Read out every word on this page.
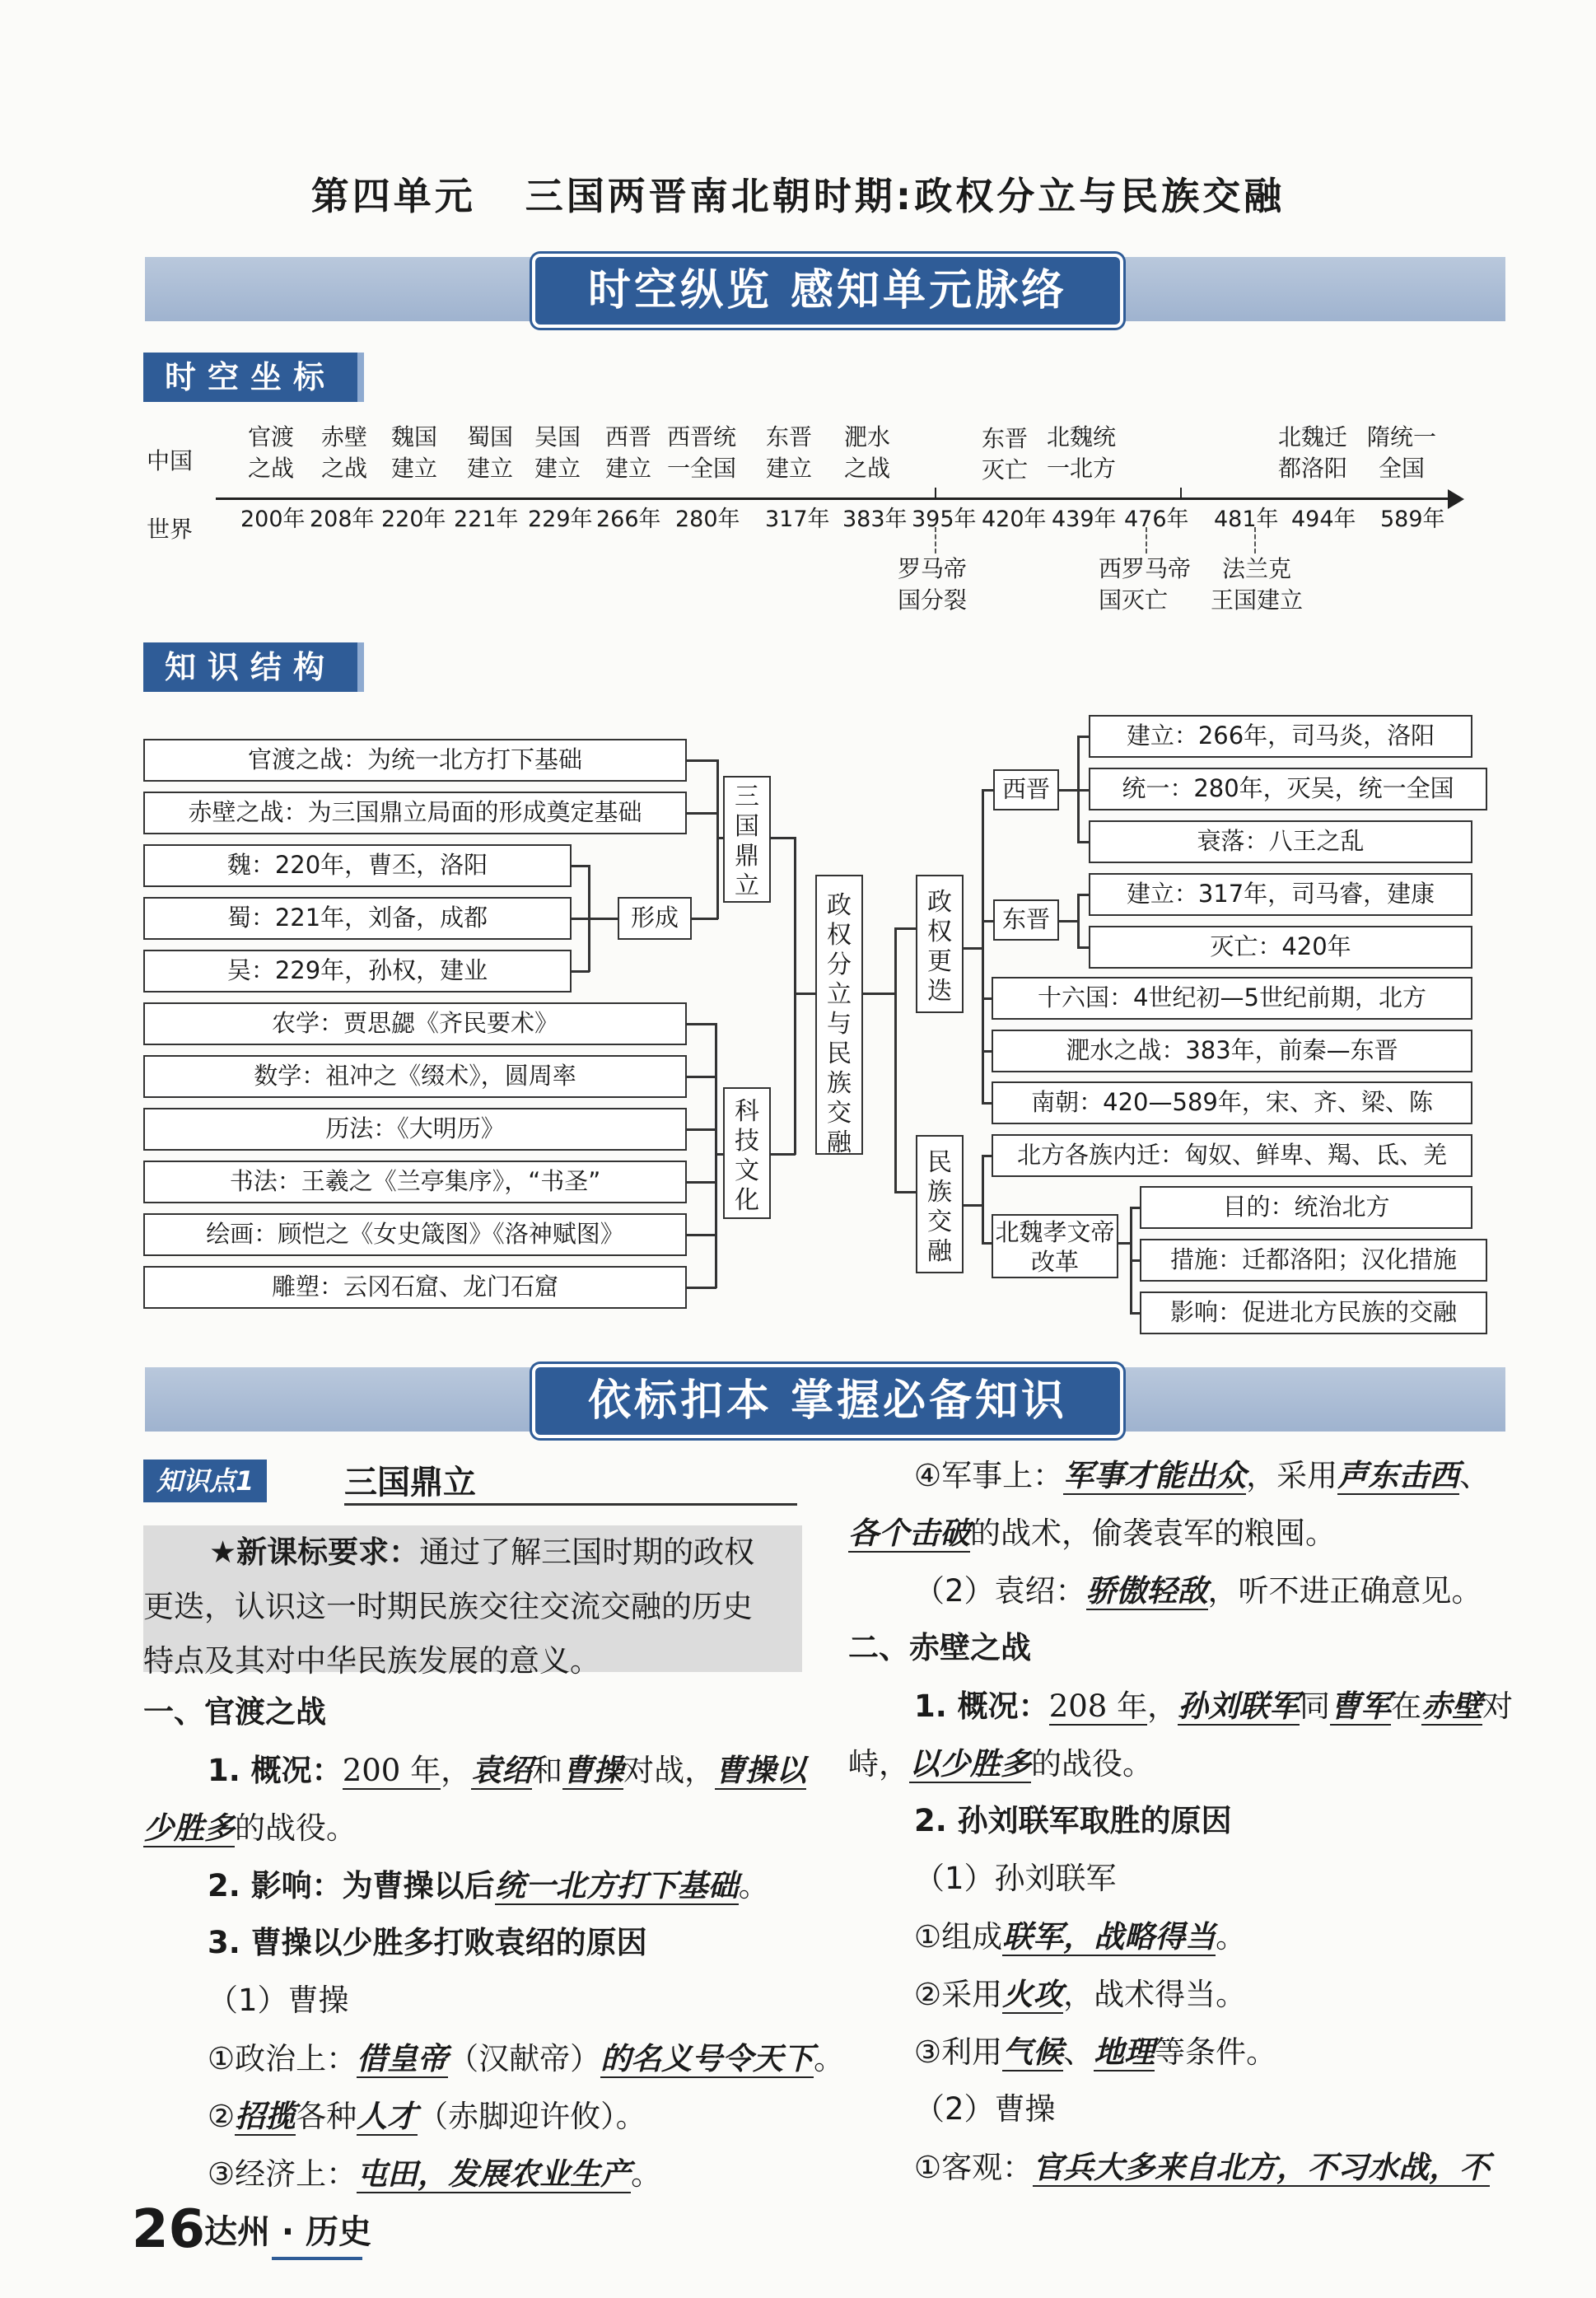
第四单元 三国两晋南北朝时期:政权分立与民族交融
时空纵览 感知单元脉络
时空坐标
中国
世界
官渡
之战
赤壁
之战
魏国
建立
蜀国
建立
吴国
建立
西晋
建立
西晋统
一全国
东晋
建立
淝水
之战
东晋
灭亡
北魏统
一北方
北魏迁
都洛阳
隋统一
全国
200年 208年 220年 221年 229年 266年 280年 317年 383年 395年 420年 439年 476年 481年 494年 589年
罗马帝
国分裂
西罗马帝
国灭亡
法兰克
王国建立
知识结构
官渡之战：为统一北方打下基础
赤壁之战：为三国鼎立局面的形成奠定基础
魏：220年，曹丕，洛阳
蜀：221年，刘备，成都
吴：229年，孙权，建业
农学：贾思勰《齐民要术》
数学：祖冲之《缀术》，圆周率
历法：《大明历》
书法：王羲之《兰亭集序》，“书圣”
绘画：顾恺之《女史箴图》《洛神赋图》
雕塑：云冈石窟、龙门石窟
形成
三国鼎立
科技文化
政权分立与民族交融
政权更迭
民族交融
西晋
东晋
建立：266年，司马炎，洛阳
统一：280年，灭吴，统一全国
衰落：八王之乱
建立：317年，司马睿，建康
灭亡：420年
十六国：4世纪初—5世纪前期，北方
淝水之战：383年，前秦—东晋
南朝：420—589年，宋、齐、梁、陈
北方各族内迁：匈奴、鲜卑、羯、氐、羌
北魏孝文帝改革
目的：统治北方
措施：迁都洛阳；汉化措施
影响：促进北方民族的交融
依标扣本 掌握必备知识
知识点1	三国鼎立
★新课标要求：通过了解三国时期的政权
更迭，认识这一时期民族交往交流交融的历史
特点及其对中华民族发展的意义。
一、官渡之战
1. 概况：200 年，袁绍和曹操对战，曹操以
少胜多的战役。
2. 影响：为曹操以后统一北方打下基础。
3. 曹操以少胜多打败袁绍的原因
（1）曹操
①政治上：借皇帝（汉献帝）的名义号令天下。
②招揽各种人才（赤脚迎许攸）。
③经济上：屯田，发展农业生产。
④军事上：军事才能出众，采用声东击西、
各个击破的战术，偷袭袁军的粮囤。
（2）袁绍：骄傲轻敌，听不进正确意见。
二、赤壁之战
1. 概况：208 年，孙刘联军同曹军在赤壁对
峙，以少胜多的战役。
2. 孙刘联军取胜的原因
（1）孙刘联军
①组成联军，战略得当。
②采用火攻，战术得当。
③利用气候、地理等条件。
（2）曹操
①客观：官兵大多来自北方，不习水战，不
26
达州 · 历史
